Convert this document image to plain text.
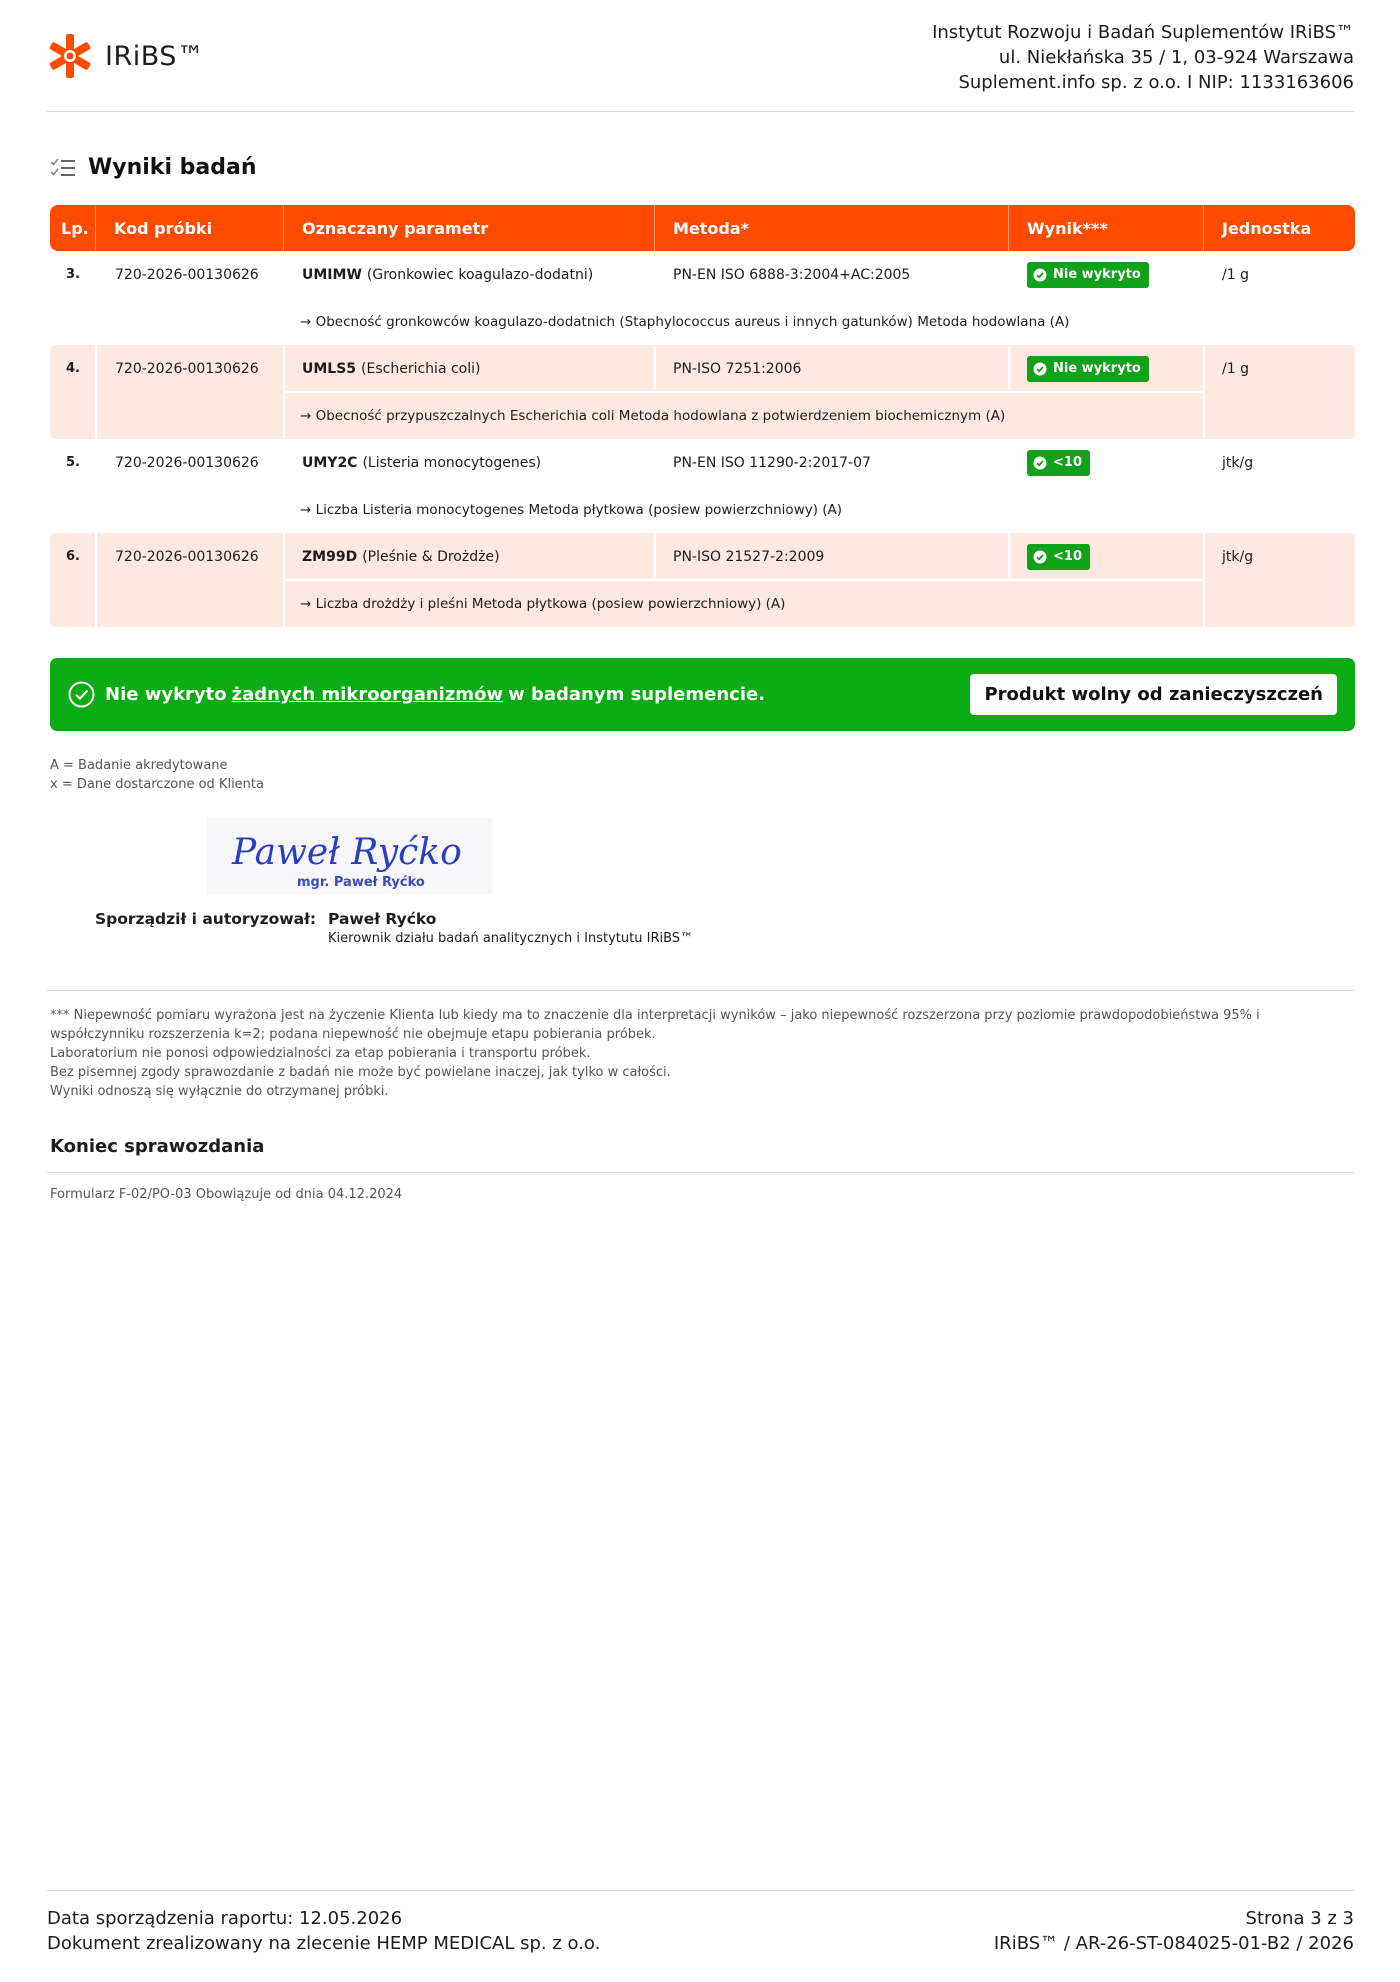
IRiBS™
Instytut Rozwoju i Badań Suplementów IRiBS™
ul. Niekłańska 35 / 1, 03-924 Warszawa
Suplement.info sp. z o.o. I NIP: 1133163606
Wyniki badań
Lp.	Kod próbki	Oznaczany parametr	Metoda*	Wynik***	Jednostka
3.	720-2026-00130626	UMIMW (Gronkowiec koagulazo-dodatni)	PN-EN ISO 6888-3:2004+AC:2005	Nie wykryto	/1 g
→ Obecność gronkowców koagulazo-dodatnich (Staphylococcus aureus i innych gatunków) Metoda hodowlana (A)
4.	720-2026-00130626	UMLS5 (Escherichia coli)	PN-ISO 7251:2006	Nie wykryto	/1 g
→ Obecność przypuszczalnych Escherichia coli Metoda hodowlana z potwierdzeniem biochemicznym (A)
5.	720-2026-00130626	UMY2C (Listeria monocytogenes)	PN-EN ISO 11290-2:2017-07	<10	jtk/g
→ Liczba Listeria monocytogenes Metoda płytkowa (posiew powierzchniowy) (A)
6.	720-2026-00130626	ZM99D (Pleśnie & Drożdże)	PN-ISO 21527-2:2009	<10	jtk/g
→ Liczba drożdży i pleśni Metoda płytkowa (posiew powierzchniowy) (A)
Nie wykryto żadnych mikroorganizmów w badanym suplemencie.	Produkt wolny od zanieczyszczeń
A = Badanie akredytowane
x = Dane dostarczone od Klienta
Paweł Ryćko
mgr. Paweł Ryćko
Sporządził i autoryzował: Paweł Ryćko
Kierownik działu badań analitycznych i Instytutu IRiBS™
*** Niepewność pomiaru wyrażona jest na życzenie Klienta lub kiedy ma to znaczenie dla interpretacji wyników – jako niepewność rozszerzona przy poziomie prawdopodobieństwa 95% i
współczynniku rozszerzenia k=2; podana niepewność nie obejmuje etapu pobierania próbek.
Laboratorium nie ponosi odpowiedzialności za etap pobierania i transportu próbek.
Bez pisemnej zgody sprawozdanie z badań nie może być powielane inaczej, jak tylko w całości.
Wyniki odnoszą się wyłącznie do otrzymanej próbki.
Koniec sprawozdania
Formularz F-02/PO-03 Obowiązuje od dnia 04.12.2024
Data sporządzenia raportu: 12.05.2026
Dokument zrealizowany na zlecenie HEMP MEDICAL sp. z o.o.
Strona 3 z 3
IRiBS™ / AR-26-ST-084025-01-B2 / 2026
